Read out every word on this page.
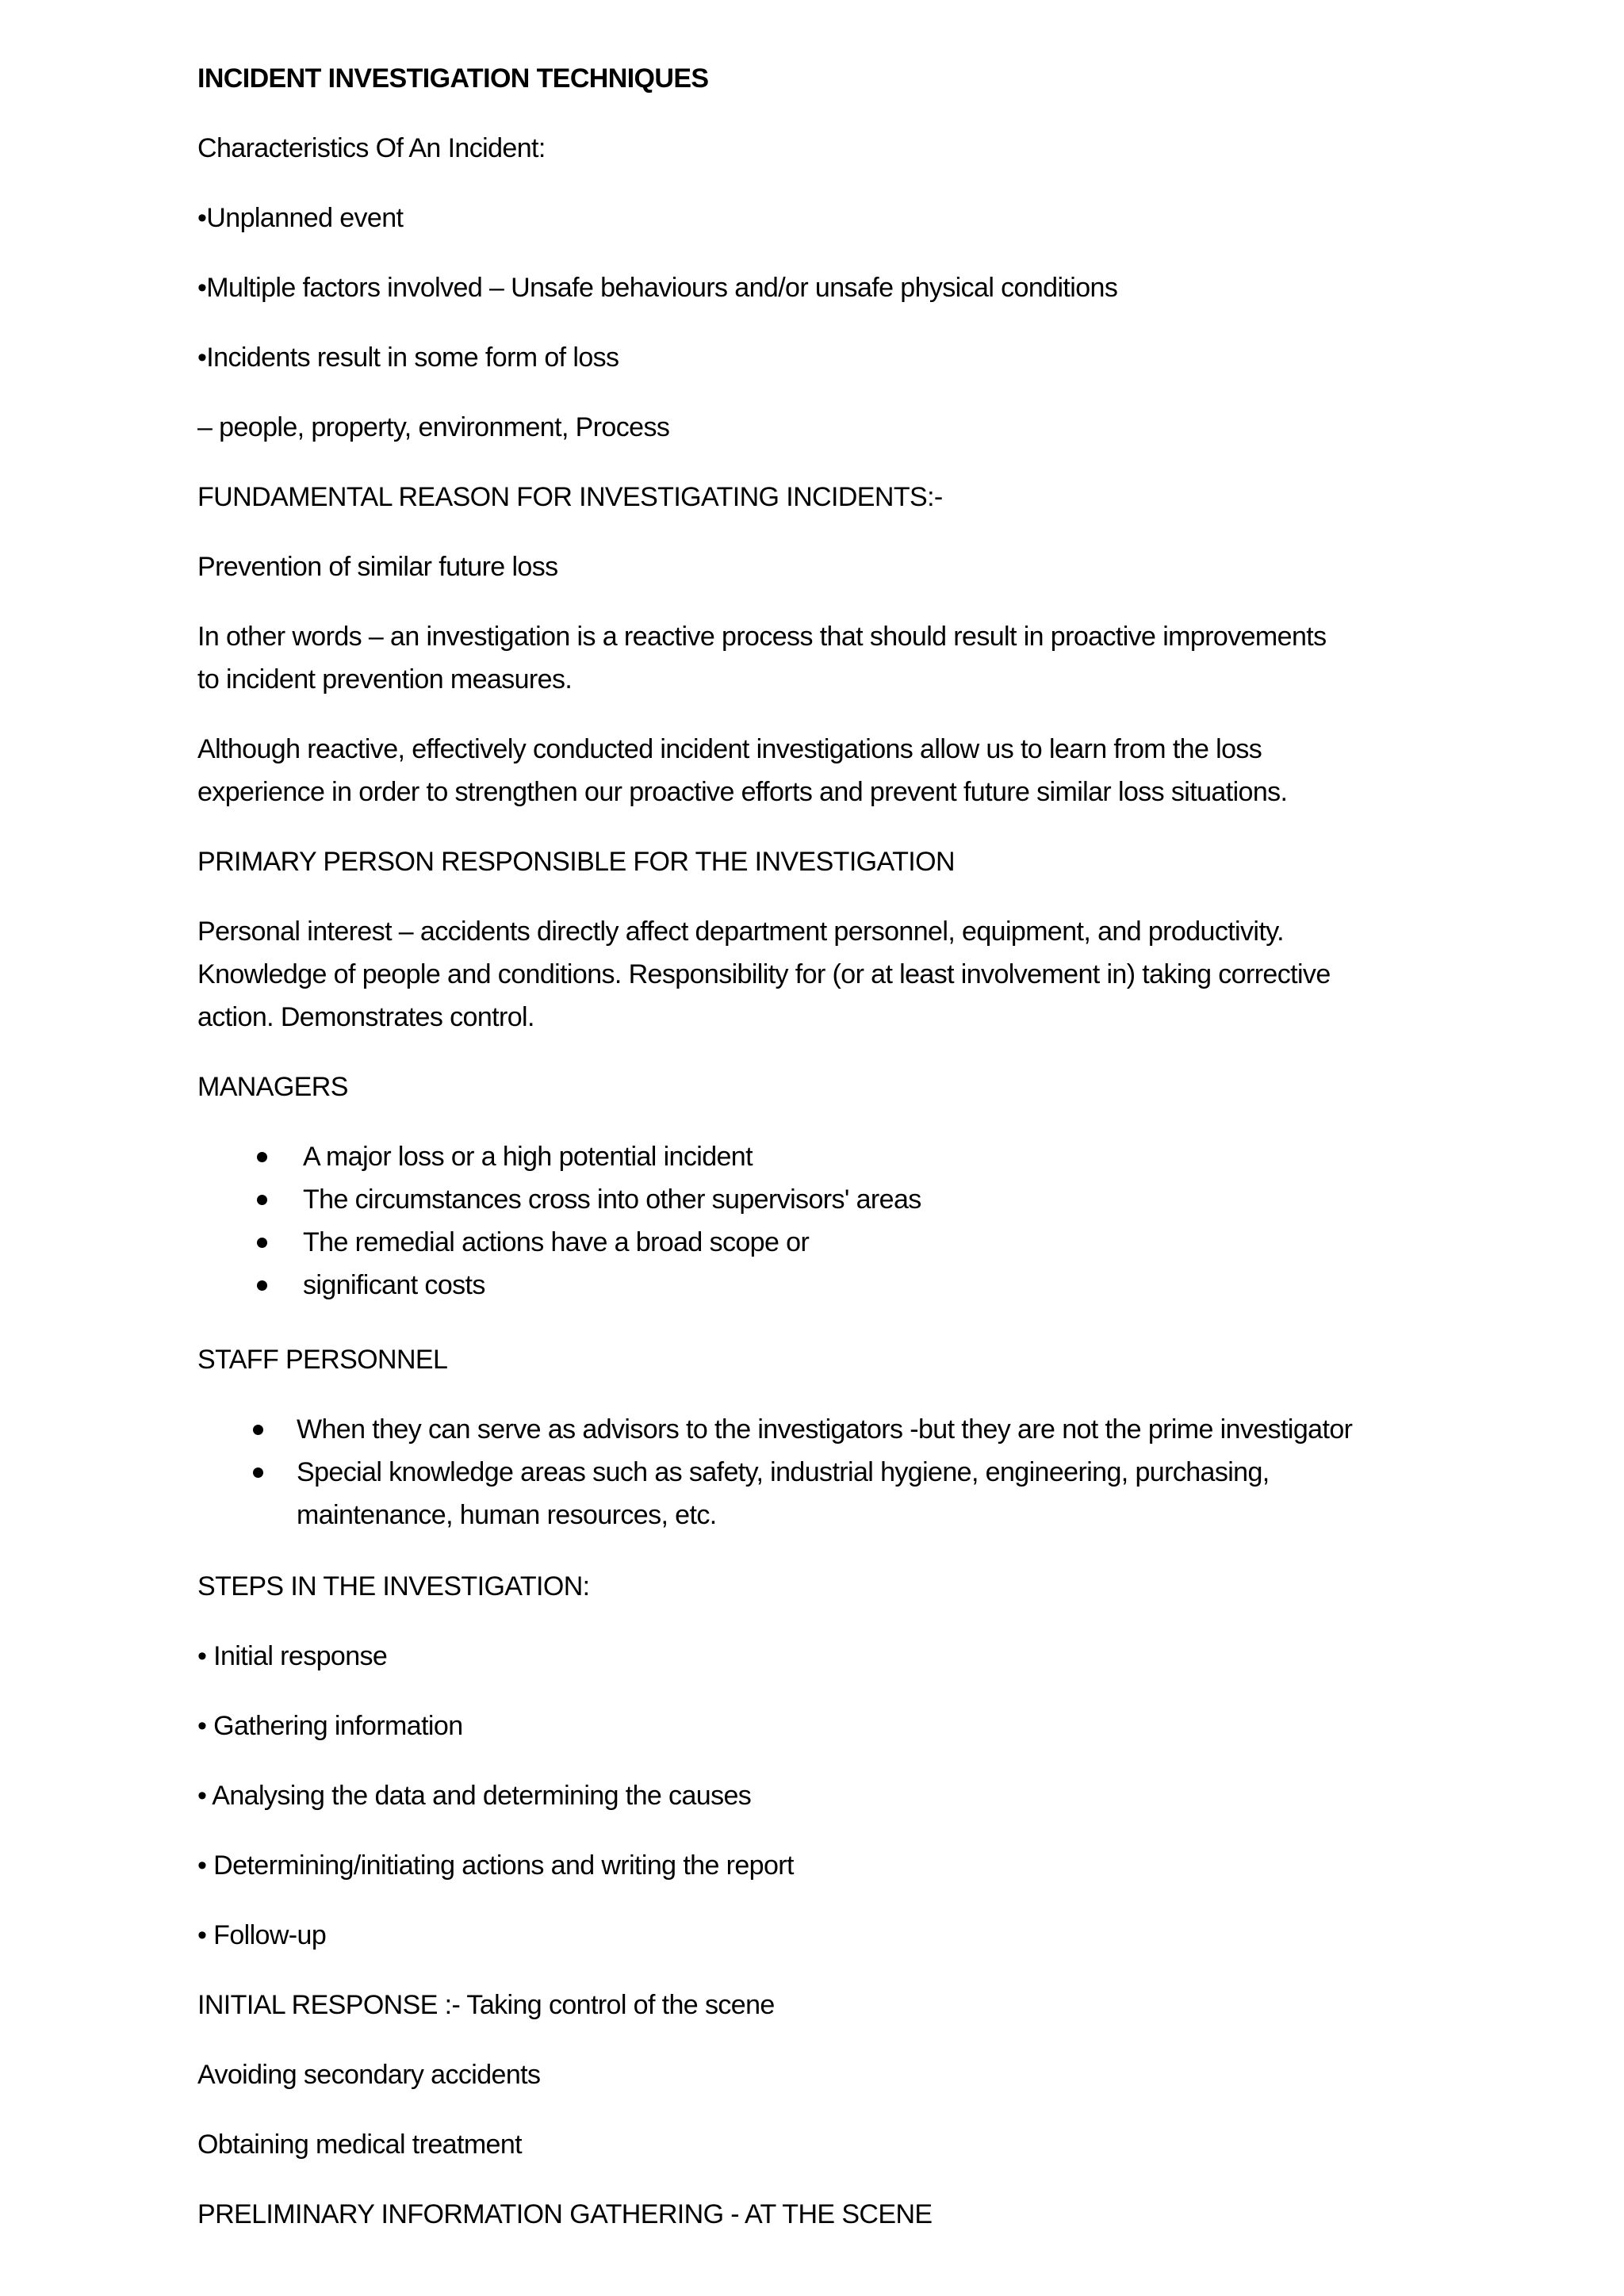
INCIDENT INVESTIGATION TECHNIQUES
Characteristics Of An Incident:
•Unplanned event
•Multiple factors involved – Unsafe behaviours and/or unsafe physical conditions
•Incidents result in some form of loss
– people, property, environment, Process
FUNDAMENTAL REASON FOR INVESTIGATING INCIDENTS:-
Prevention of similar future loss
In other words – an investigation is a reactive process that should result in proactive improvements
to incident prevention measures.
Although reactive, effectively conducted incident investigations allow us to learn from the loss
experience in order to strengthen our proactive efforts and prevent future similar loss situations.
PRIMARY PERSON RESPONSIBLE FOR THE INVESTIGATION
Personal interest – accidents directly affect department personnel, equipment, and productivity.
Knowledge of people and conditions. Responsibility for (or at least involvement in) taking corrective
action. Demonstrates control.
MANAGERS
A major loss or a high potential incident
The circumstances cross into other supervisors' areas
The remedial actions have a broad scope or
significant costs
STAFF PERSONNEL
When they can serve as advisors to the investigators -but they are not the prime investigator
Special knowledge areas such as safety, industrial hygiene, engineering, purchasing,
maintenance, human resources, etc.
STEPS IN THE INVESTIGATION:
• Initial response
• Gathering information
• Analysing the data and determining the causes
• Determining/initiating actions and writing the report
• Follow-up
INITIAL RESPONSE :- Taking control of the scene
Avoiding secondary accidents
Obtaining medical treatment
PRELIMINARY INFORMATION GATHERING - AT THE SCENE
